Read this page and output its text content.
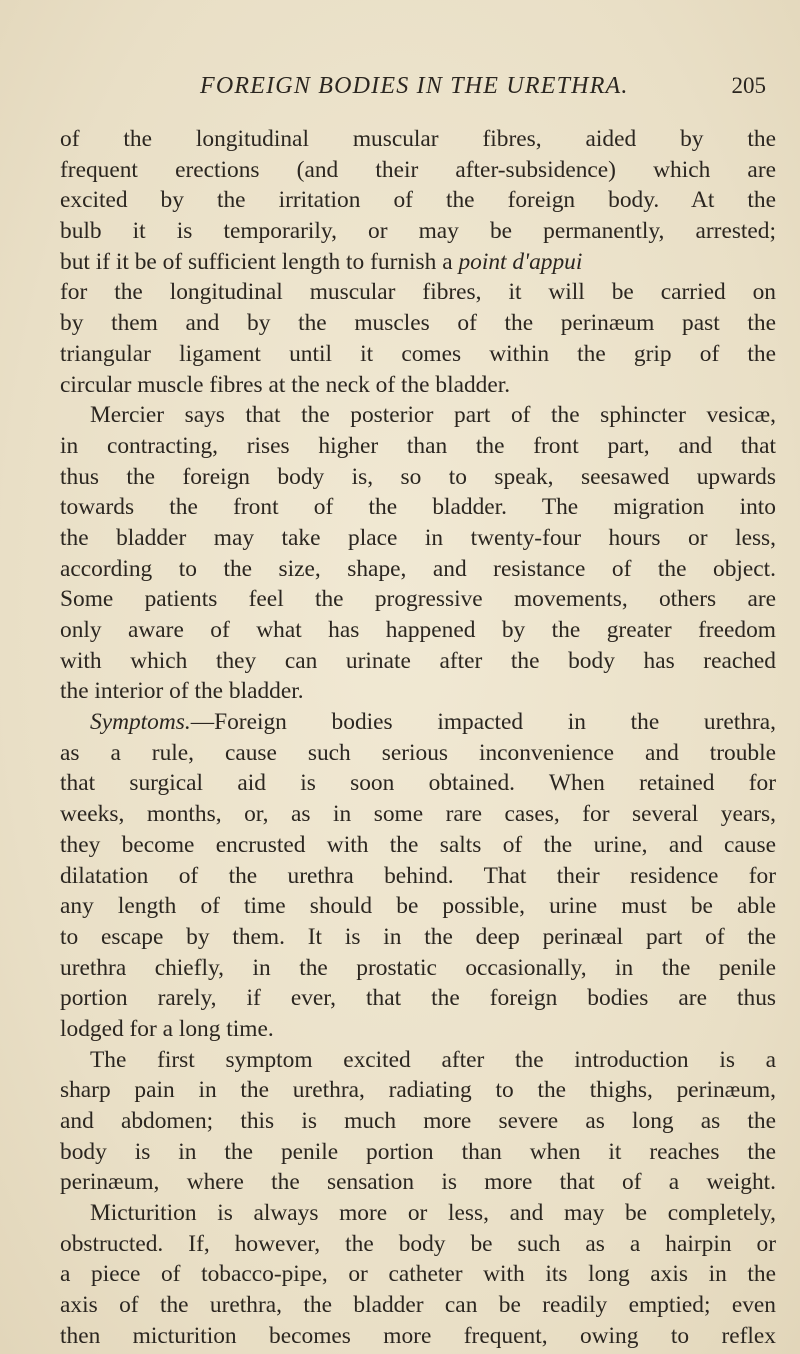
FOREIGN BODIES IN THE URETHRA.	205
of the longitudinal muscular fibres, aided by the
frequent erections (and their after-subsidence) which are
excited by the irritation of the foreign body. At the
bulb it is temporarily, or may be permanently, arrested;
but if it be of sufficient length to furnish a point d'appui
for the longitudinal muscular fibres, it will be carried on
by them and by the muscles of the perinæum past the
triangular ligament until it comes within the grip of the
circular muscle fibres at the neck of the bladder.
Mercier says that the posterior part of the sphincter vesicæ,
in contracting, rises higher than the front part, and that
thus the foreign body is, so to speak, seesawed upwards
towards the front of the bladder. The migration into
the bladder may take place in twenty-four hours or less,
according to the size, shape, and resistance of the object.
Some patients feel the progressive movements, others are
only aware of what has happened by the greater freedom
with which they can urinate after the body has reached
the interior of the bladder.
Symptoms.—Foreign bodies impacted in the urethra,
as a rule, cause such serious inconvenience and trouble
that surgical aid is soon obtained. When retained for
weeks, months, or, as in some rare cases, for several years,
they become encrusted with the salts of the urine, and cause
dilatation of the urethra behind. That their residence for
any length of time should be possible, urine must be able
to escape by them. It is in the deep perinæal part of the
urethra chiefly, in the prostatic occasionally, in the penile
portion rarely, if ever, that the foreign bodies are thus
lodged for a long time.
The first symptom excited after the introduction is a
sharp pain in the urethra, radiating to the thighs, perinæum,
and abdomen; this is much more severe as long as the
body is in the penile portion than when it reaches the
perinæum, where the sensation is more that of a weight.
Micturition is always more or less, and may be completely,
obstructed. If, however, the body be such as a hairpin or
a piece of tobacco-pipe, or catheter with its long axis in the
axis of the urethra, the bladder can be readily emptied; even
then micturition becomes more frequent, owing to reflex
